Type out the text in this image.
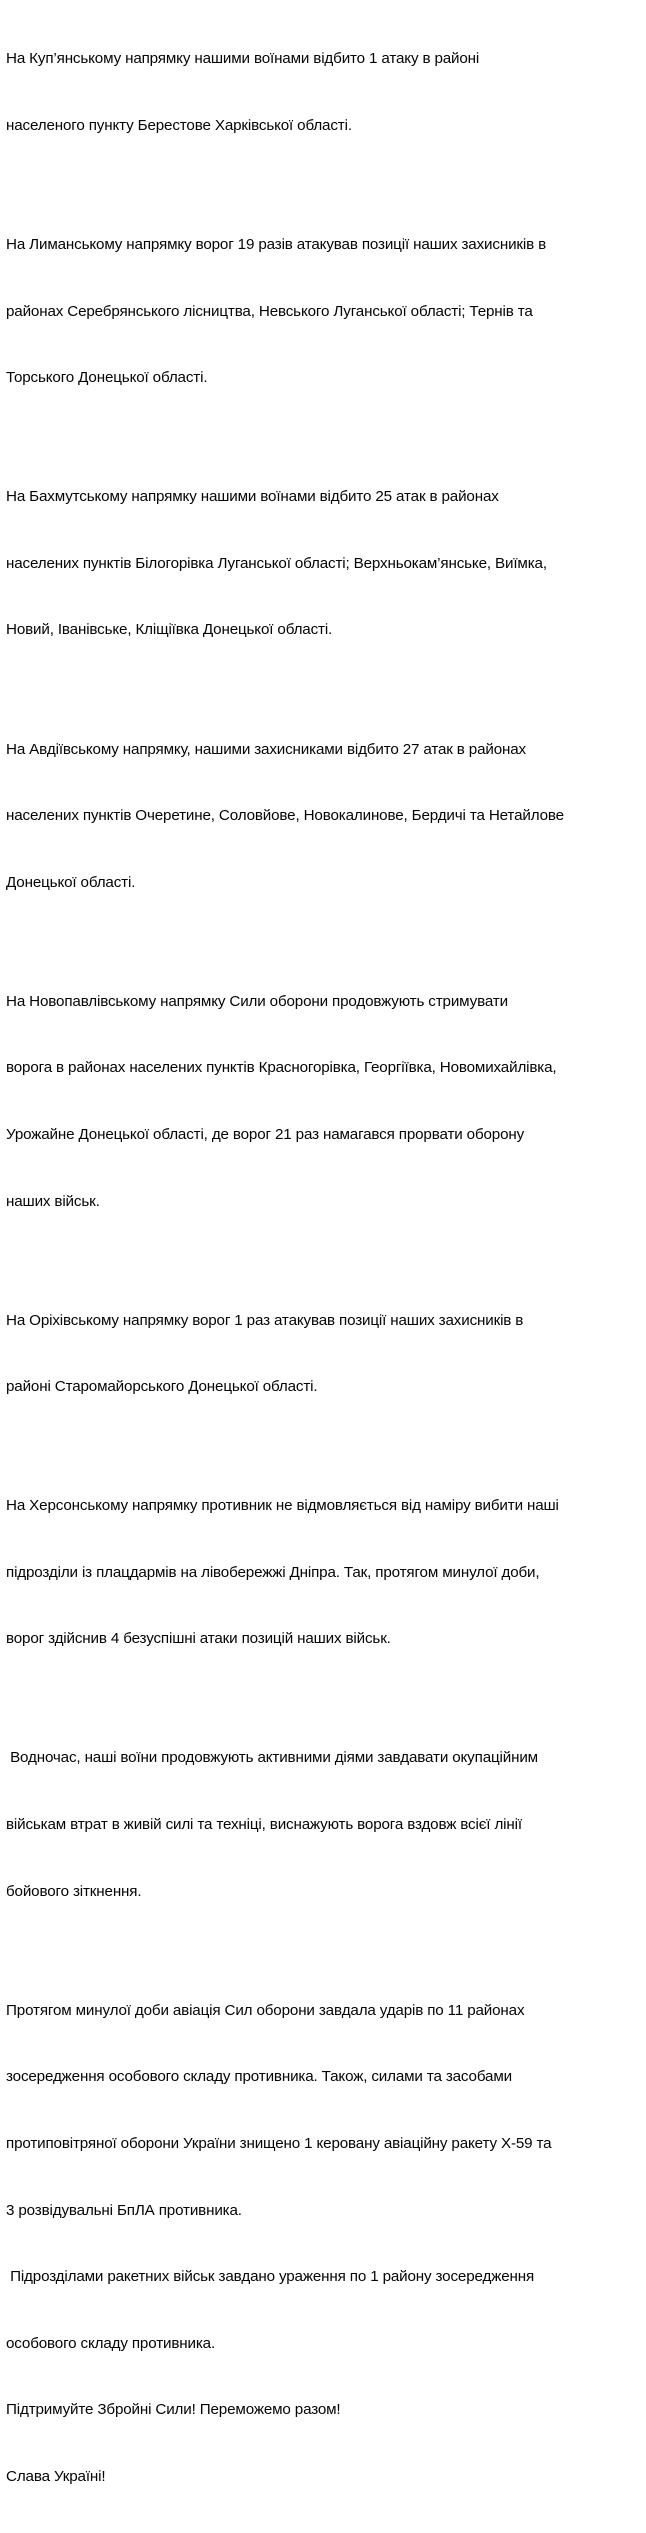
На Куп’янському напрямку нашими воїнами відбито 1 атаку в районі

населеного пункту Берестове Харківської області.

На Лиманському напрямку ворог 19 разів атакував позиції наших захисників в

районах Серебрянського лісництва, Невського Луганської області; Тернів та

Торського Донецької області.

На Бахмутському напрямку нашими воїнами відбито 25 атак в районах

населених пунктів Білогорівка Луганської області; Верхньокам’янське, Виїмка,

Новий, Іванівське, Кліщіївка Донецької області.

На Авдіївському напрямку, нашими захисниками відбито 27 атак в районах

населених пунктів Очеретине, Соловйове, Новокалинове, Бердичі та Нетайлове

Донецької області.

На Новопавлівському напрямку Сили оборони продовжують стримувати

ворога в районах населених пунктів Красногорівка, Георгіївка, Новомихайлівка,

Урожайне Донецької області, де ворог 21 раз намагався прорвати оборону

наших військ.

На Оріхівському напрямку ворог 1 раз атакував позиції наших захисників в

районі Старомайорського Донецької області.

На Херсонському напрямку противник не відмовляється від наміру вибити наші

підрозділи із плацдармів на лівобережжі Дніпра. Так, протягом минулої доби,

ворог здійснив 4 безуспішні атаки позицій наших військ.

Водночас, наші воїни продовжують активними діями завдавати окупаційним

військам втрат в живій силі та техніці, виснажують ворога вздовж всієї лінії

бойового зіткнення.

Протягом минулої доби авіація Сил оборони завдала ударів по 11 районах

зосередження особового складу противника. Також, силами та засобами

протиповітряної оборони України знищено 1 керовану авіаційну ракету Х-59 та

3 розвідувальні БпЛА противника.

Підрозділами ракетних військ завдано ураження по 1 району зосередження

особового складу противника.

Підтримуйте Збройні Сили! Переможемо разом!

Слава Україні!
